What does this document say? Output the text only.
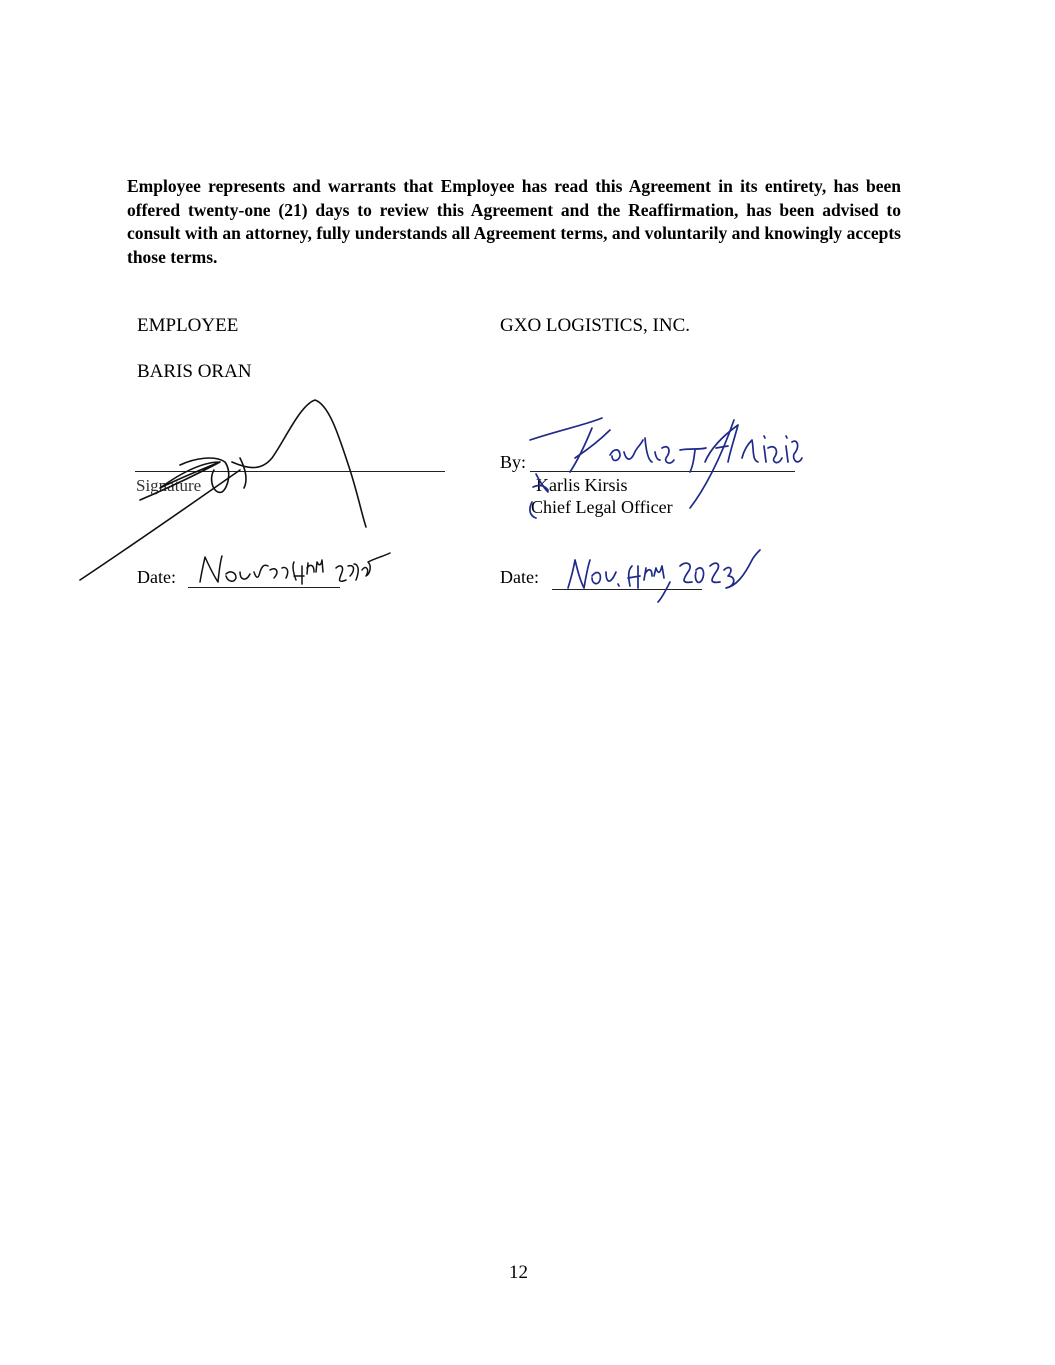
Employee represents and warrants that Employee has read this Agreement in its entirety, has been offered twenty-one (21) days to review this Agreement and the Reaffirmation, has been advised to consult with an attorney, fully understands all Agreement terms, and voluntarily and knowingly accepts those terms.
EMPLOYEE
BARIS ORAN
Signature
Date:
GXO LOGISTICS, INC.
By:
Karlis Kirsis
Chief Legal Officer
Date:
12
